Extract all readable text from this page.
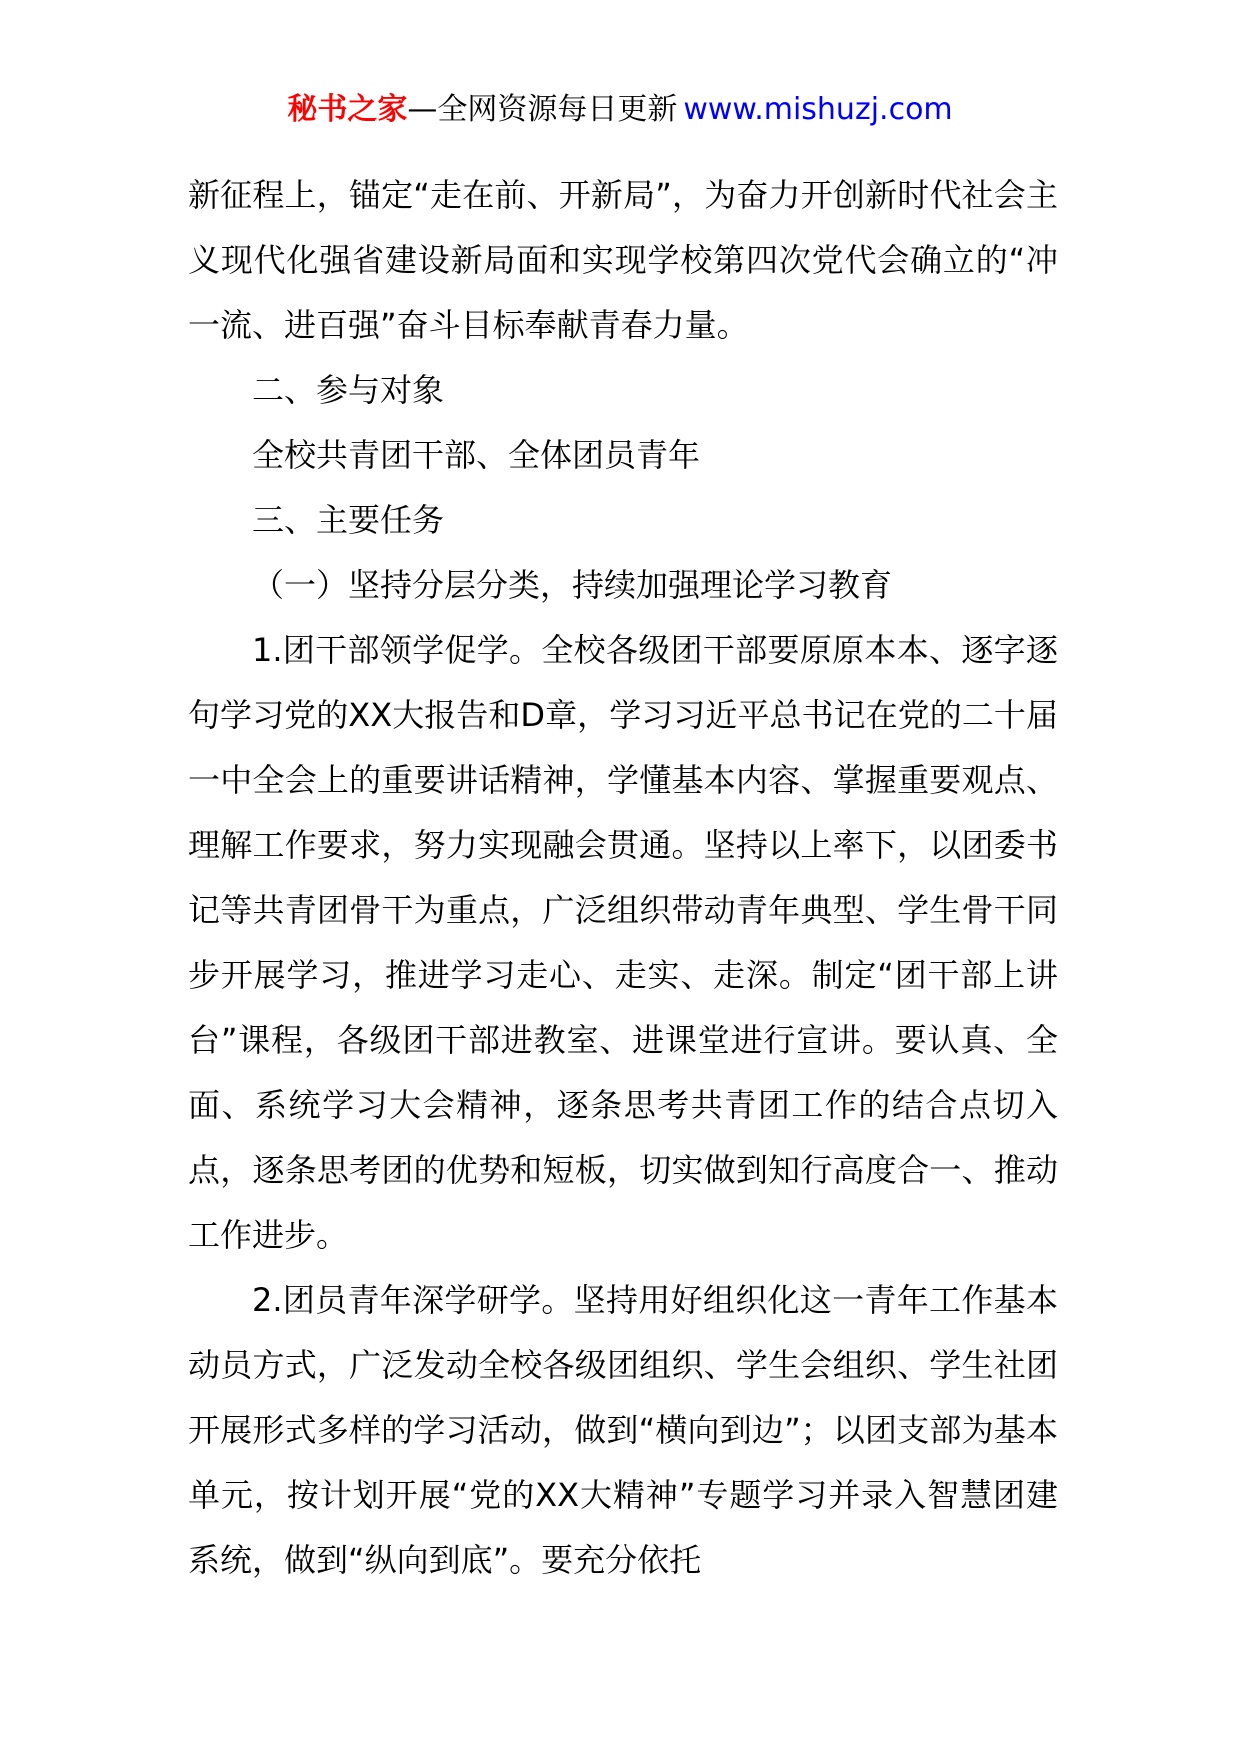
秘书之家—全网资源每日更新 www.mishuzj.com

新征程上，锚定“走在前、开新局”，为奋力开创新时代社会主义现代化强省建设新局面和实现学校第四次党代会确立的“冲一流、进百强”奋斗目标奉献青春力量。

二、参与对象

全校共青团干部、全体团员青年

三、主要任务

（一）坚持分层分类，持续加强理论学习教育

1.团干部领学促学。全校各级团干部要原原本本、逐字逐句学习党的XX大报告和D章，学习习近平总书记在党的二十届一中全会上的重要讲话精神，学懂基本内容、掌握重要观点、理解工作要求，努力实现融会贯通。坚持以上率下，以团委书记等共青团骨干为重点，广泛组织带动青年典型、学生骨干同步开展学习，推进学习走心、走实、走深。制定“团干部上讲台”课程，各级团干部进教室、进课堂进行宣讲。要认真、全面、系统学习大会精神，逐条思考共青团工作的结合点切入点，逐条思考团的优势和短板，切实做到知行高度合一、推动工作进步。

2.团员青年深学研学。坚持用好组织化这一青年工作基本动员方式，广泛发动全校各级团组织、学生会组织、学生社团开展形式多样的学习活动，做到“横向到边”；以团支部为基本单元，按计划开展“党的XX大精神”专题学习并录入智慧团建系统，做到“纵向到底”。要充分依托
